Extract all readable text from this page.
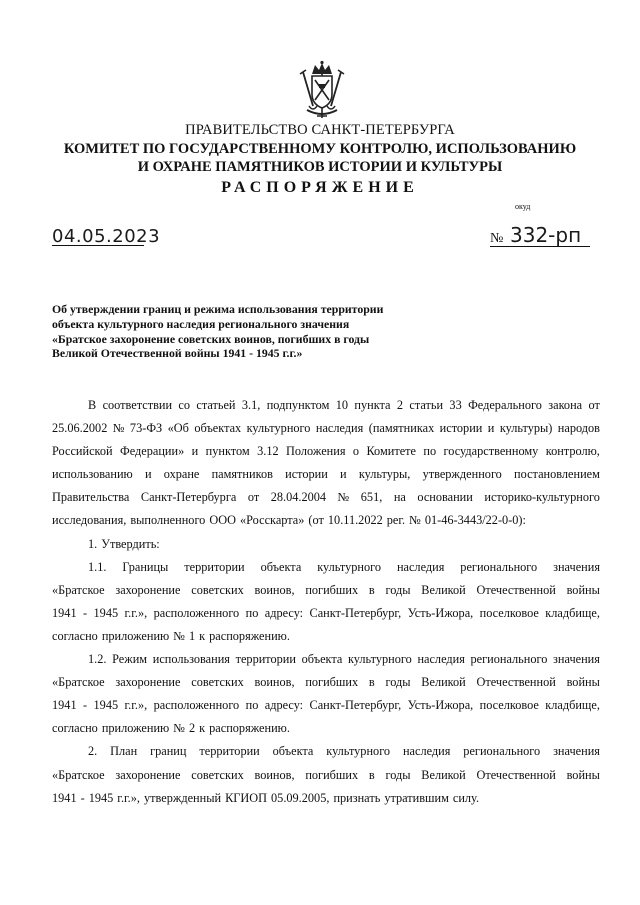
ПРАВИТЕЛЬСТВО САНКТ-ПЕТЕРБУРГА
КОМИТЕТ ПО ГОСУДАРСТВЕННОМУ КОНТРОЛЮ, ИСПОЛЬЗОВАНИЮ
И ОХРАНЕ ПАМЯТНИКОВ ИСТОРИИ И КУЛЬТУРЫ
РАСПОРЯЖЕНИЕ
окуд
04.05.2023	№ 332-рп
Об утверждении границ и режима использования территории
объекта культурного наследия регионального значения
«Братское захоронение советских воинов, погибших в годы
Великой Отечественной войны 1941 - 1945 г.г.»
В соответствии со статьей 3.1, подпунктом 10 пункта 2 статьи 33 Федерального закона от
25.06.2002 № 73-ФЗ «Об объектах культурного наследия (памятниках истории и культуры) народов
Российской Федерации» и пунктом 3.12 Положения о Комитете по государственному контролю,
использованию и охране памятников истории и культуры, утвержденного постановлением
Правительства Санкт-Петербурга от 28.04.2004 № 651, на основании историко-культурного
исследования, выполненного ООО «Росскарта» (от 10.11.2022 рег. № 01-46-3443/22-0-0):
1. Утвердить:
1.1. Границы территории объекта культурного наследия регионального значения
«Братское захоронение советских воинов, погибших в годы Великой Отечественной войны
1941 - 1945 г.г.», расположенного по адресу: Санкт-Петербург, Усть-Ижора, поселковое кладбище,
согласно приложению № 1 к распоряжению.
1.2. Режим использования территории объекта культурного наследия регионального значения
«Братское захоронение советских воинов, погибших в годы Великой Отечественной войны
1941 - 1945 г.г.», расположенного по адресу: Санкт-Петербург, Усть-Ижора, поселковое кладбище,
согласно приложению № 2 к распоряжению.
2. План границ территории объекта культурного наследия регионального значения
«Братское захоронение советских воинов, погибших в годы Великой Отечественной войны
1941 - 1945 г.г.», утвержденный КГИОП 05.09.2005, признать утратившим силу.
